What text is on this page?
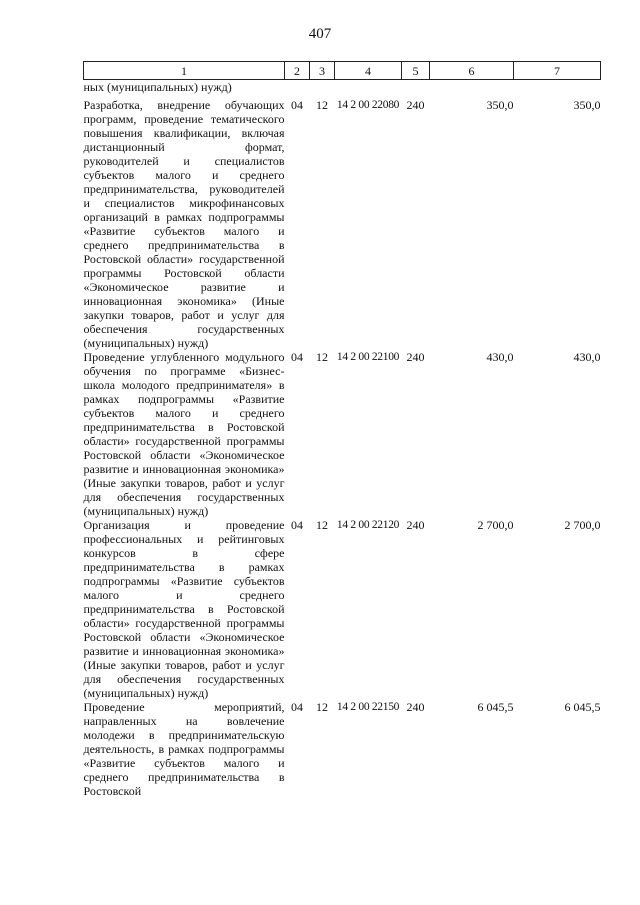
407
1	2	3	4	5	6	7
ных (муниципальных) нужд)						
Разработка, внедрение обучающих программ, проведение тематического повышения квалификации, включая дистанционный формат, руководителей и специалистов субъектов малого и среднего предпринимательства, руководителей и специалистов микрофинансовых организаций в рамках подпрограммы «Развитие субъектов малого и среднего предпринимательства в Ростовской области» государственной программы Ростовской области «Экономическое развитие и инновационная экономика» (Иные закупки товаров, работ и услуг для обеспечения государственных (муниципальных) нужд)	04	12	14 2 00 22080	240	350,0	350,0
Проведение углубленного модульного обучения по программе «Бизнес-школа молодого предпринимателя» в рамках подпрограммы «Развитие субъектов малого и среднего предпринимательства в Ростовской области» государственной программы Ростовской области «Экономическое развитие и инновационная экономика» (Иные закупки товаров, работ и услуг для обеспечения государственных (муниципальных) нужд)	04	12	14 2 00 22100	240	430,0	430,0
Организация и проведение профессиональных и рейтинговых конкурсов в сфере предпринимательства в рамках подпрограммы «Развитие субъектов малого и среднего предпринимательства в Ростовской области» государственной программы Ростовской области «Экономическое развитие и инновационная экономика» (Иные закупки товаров, работ и услуг для обеспечения государственных (муниципальных) нужд)	04	12	14 2 00 22120	240	2 700,0	2 700,0
Проведение мероприятий, направленных на вовлечение молодежи в предпринимательскую деятельность, в рамках подпрограммы «Развитие субъектов малого и среднего предпринимательства в Ростовской	04	12	14 2 00 22150	240	6 045,5	6 045,5
